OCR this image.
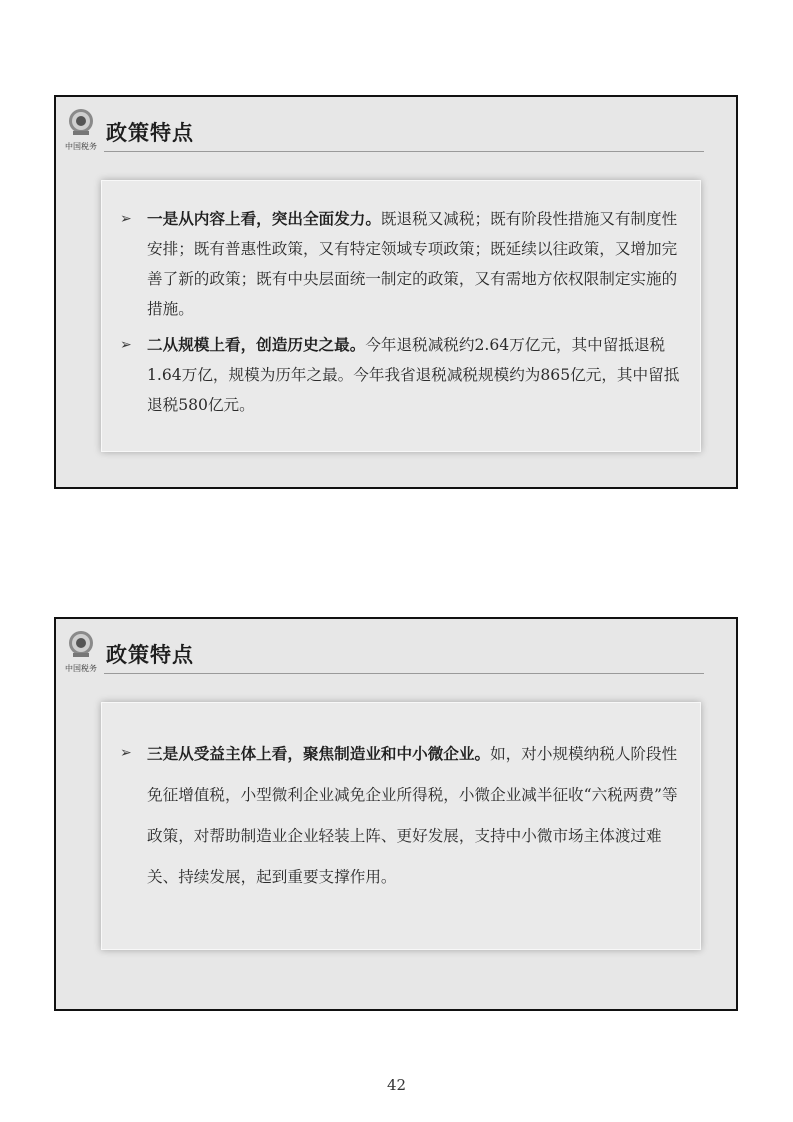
中国税务
政策特点
➢ 一是从内容上看，突出全面发力。既退税又减税；既有阶段性措施又有制度性安排；既有普惠性政策，又有特定领域专项政策；既延续以往政策，又增加完善了新的政策；既有中央层面统一制定的政策，又有需地方依权限制定实施的措施。
➢ 二从规模上看，创造历史之最。今年退税减税约2.64万亿元，其中留抵退税1.64万亿，规模为历年之最。今年我省退税减税规模约为865亿元，其中留抵退税580亿元。
中国税务
政策特点
➢ 三是从受益主体上看，聚焦制造业和中小微企业。如，对小规模纳税人阶段性免征增值税，小型微利企业减免企业所得税，小微企业减半征收“六税两费”等政策，对帮助制造业企业轻装上阵、更好发展，支持中小微市场主体渡过难关、持续发展，起到重要支撑作用。
42
